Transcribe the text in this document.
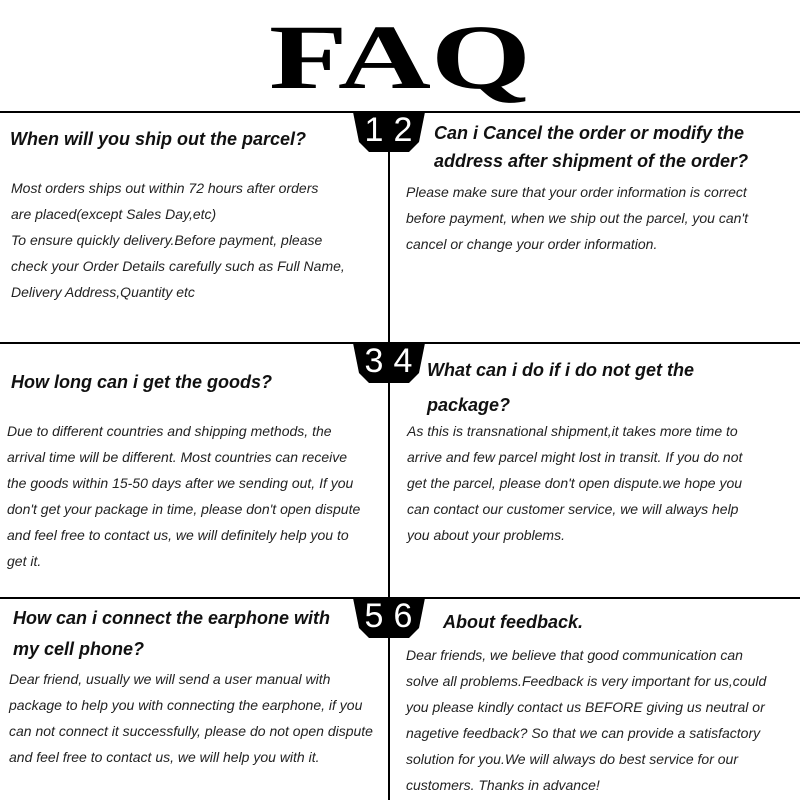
FAQ
1 2
3 4
5 6
When will you ship out the parcel?
Most orders ships out within 72 hours after orders
are placed(except Sales Day,etc)
To ensure quickly delivery.Before payment, please
check your Order Details carefully such as Full Name,
Delivery Address,Quantity etc
Can i Cancel the order or modify the
address after shipment of the order?
Please make sure that your order information is correct
before payment, when we ship out the parcel, you can't
cancel or change your order information.
How long can i get the goods?
Due to different countries and shipping methods, the
arrival time will be different. Most countries can receive
the goods within 15-50 days after we sending out, If you
don't get your package in time, please don't open dispute
and feel free to contact us, we will definitely help you to
get it.
What can i do if i do not get the
package?
As this is transnational shipment,it takes more time to
arrive and few parcel might lost in transit. If you do not
get the parcel, please don't open dispute.we hope you
can contact our customer service, we will always help
you about your problems.
How can i connect the earphone with
my cell phone?
Dear friend, usually we will send a user manual with
package to help you with connecting the earphone, if you
can not connect it successfully, please do not open dispute
and feel free to contact us, we will help you with it.
About feedback.
Dear friends, we believe that good communication can
solve all problems.Feedback is very important for us,could
you please kindly contact us BEFORE giving us neutral or
nagetive feedback? So that we can provide a satisfactory
solution for you.We will always do best service for our
customers. Thanks in advance!
